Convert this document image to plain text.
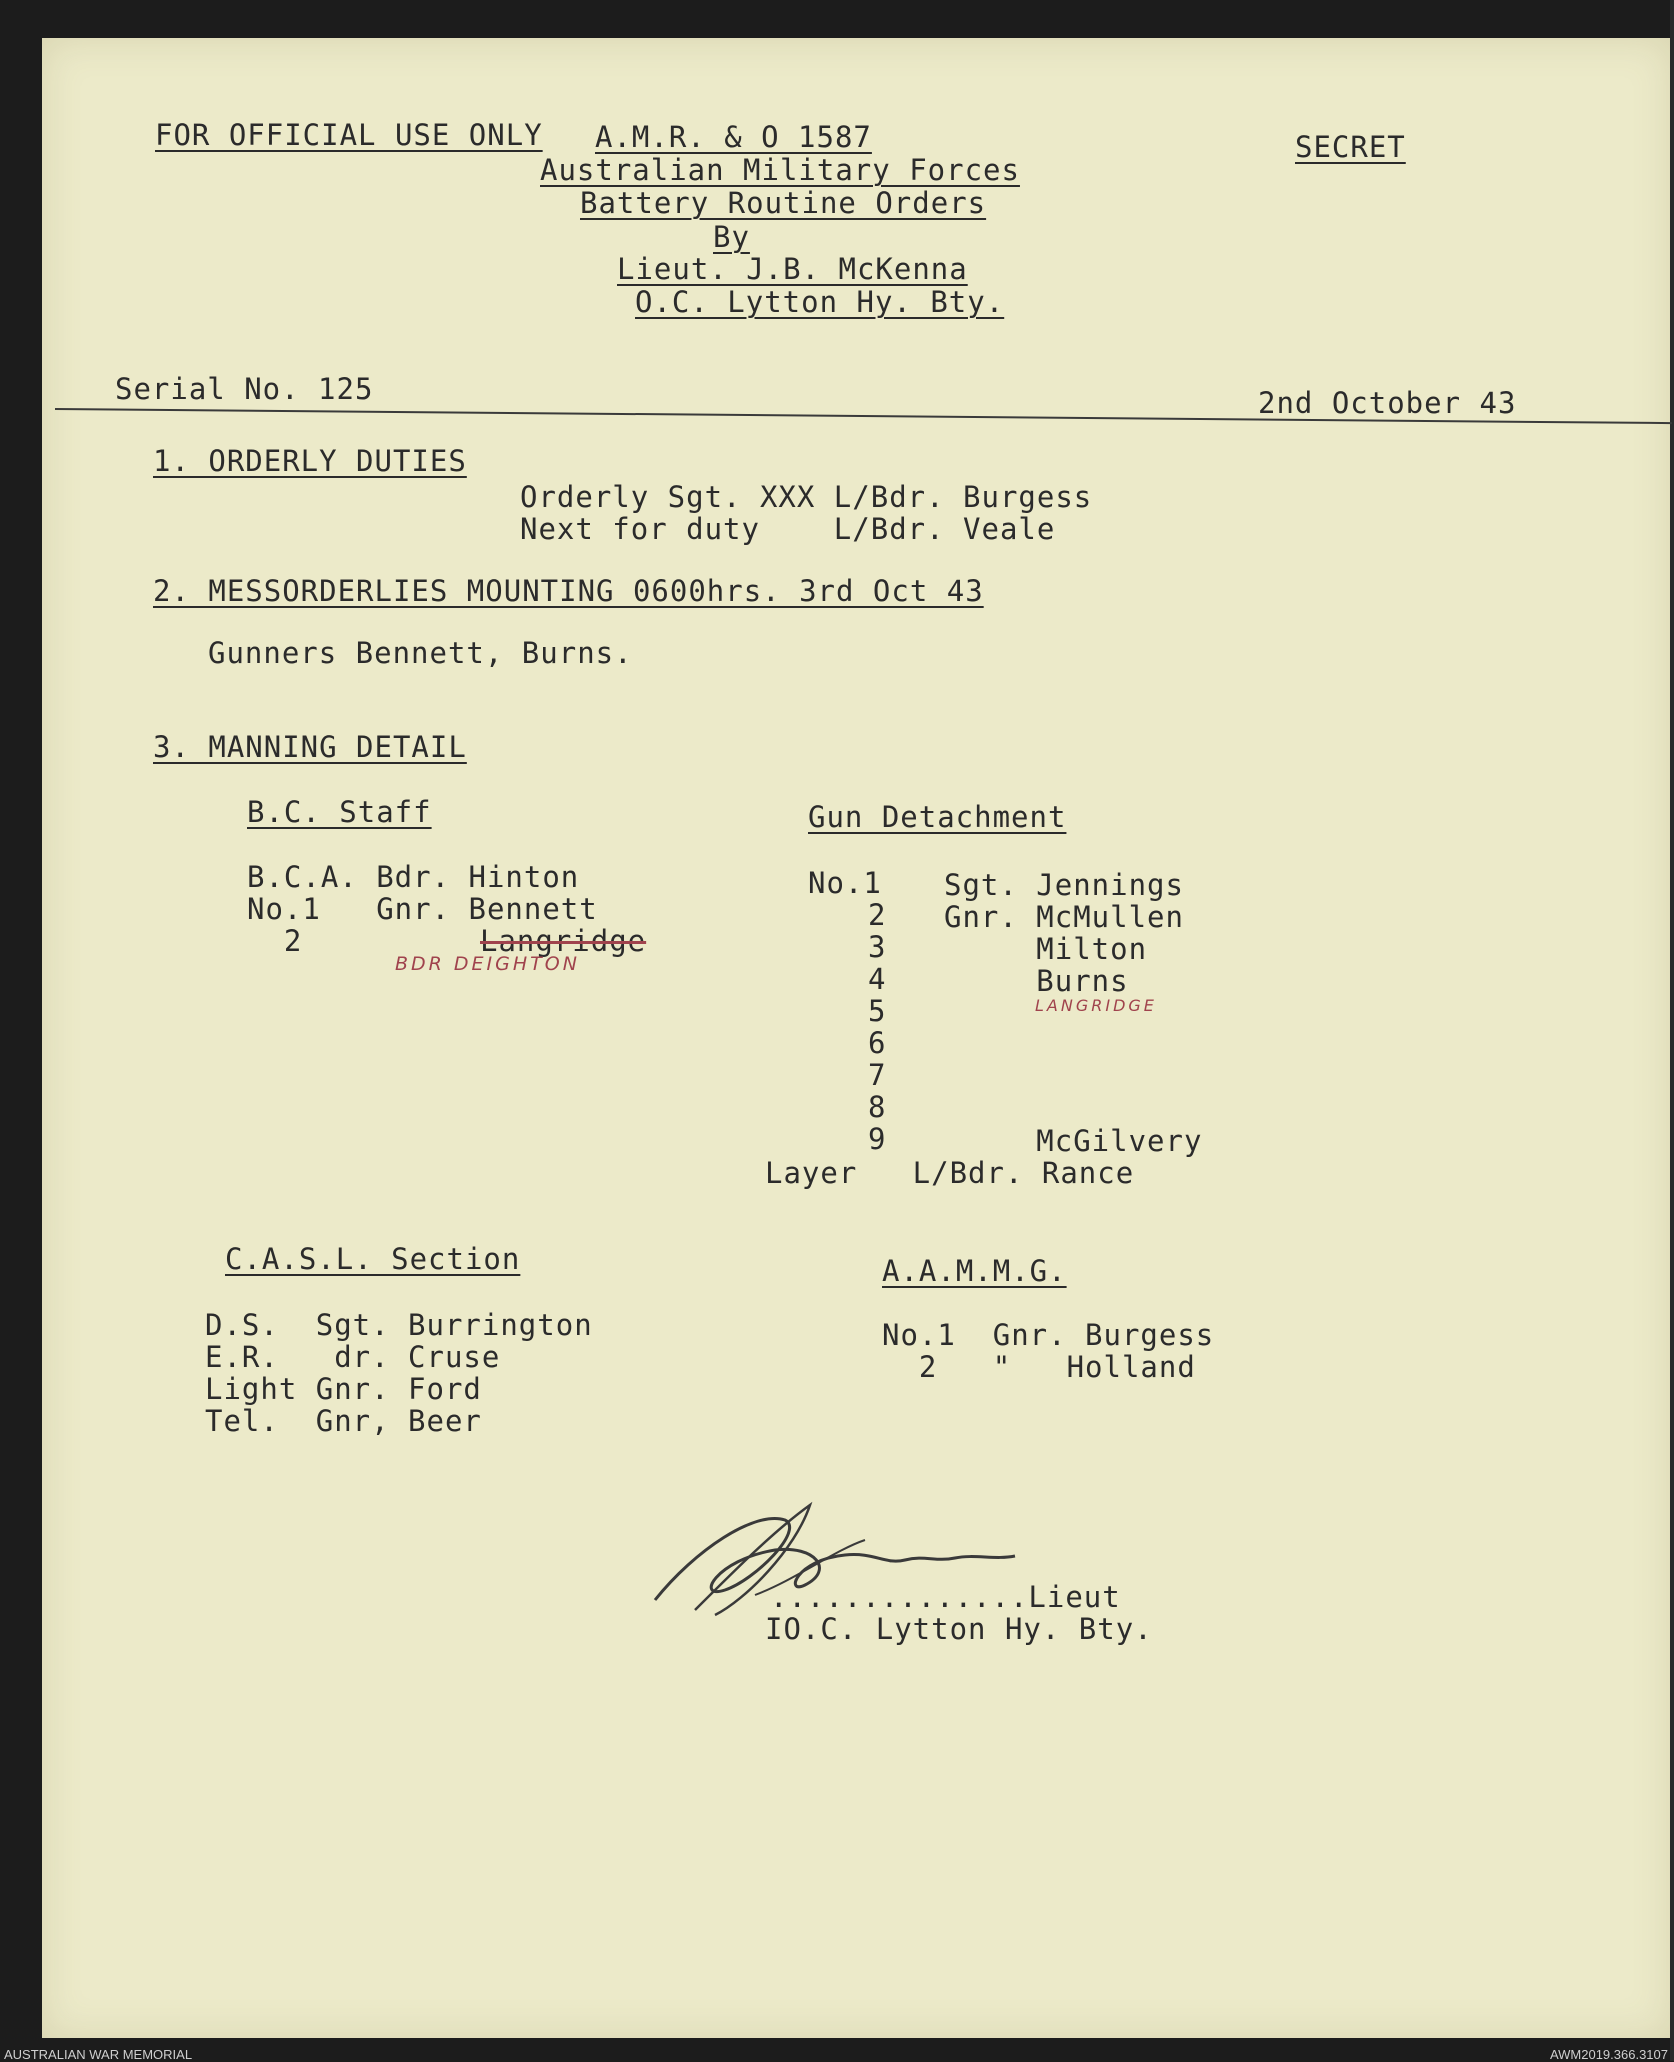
FOR OFFICIAL USE ONLY A.M.R. & O 1587	SECRET
Australian Military Forces
Battery Routine Orders
By
Lieut. J.B. McKenna
O.C. Lytton Hy. Bty.
Serial No. 125	2nd October 43
1. ORDERLY DUTIES
Orderly Sgt. XXX L/Bdr. Burgess
Next for duty    L/Bdr. Veale
2. MESSORDERLIES MOUNTING 0600hrs. 3rd Oct 43
Gunners Bennett, Burns.
3. MANNING DETAIL
B.C. Staff
B.C.A. Bdr. Hinton
No.1   Gnr. Bennett
2	Langridge
BDR DEIGHTON
Gun Detachment
No.1 Sgt. Jennings
2 Gnr. McMullen
3 Milton
4 Burns
5	LANGRIDGE
6
7
8
9 McGilvery
Layer   L/Bdr. Rance
C.A.S.L. Section
D.S.  Sgt. Burrington
E.R.   dr. Cruse
Light Gnr. Ford
Tel.  Gnr, Beer
A.A.M.M.G.
No.1  Gnr. Burgess
2   "   Holland
..............Lieut
IO.C. Lytton Hy. Bty.
AUSTRALIAN WAR MEMORIAL	AWM2019.366.3107
